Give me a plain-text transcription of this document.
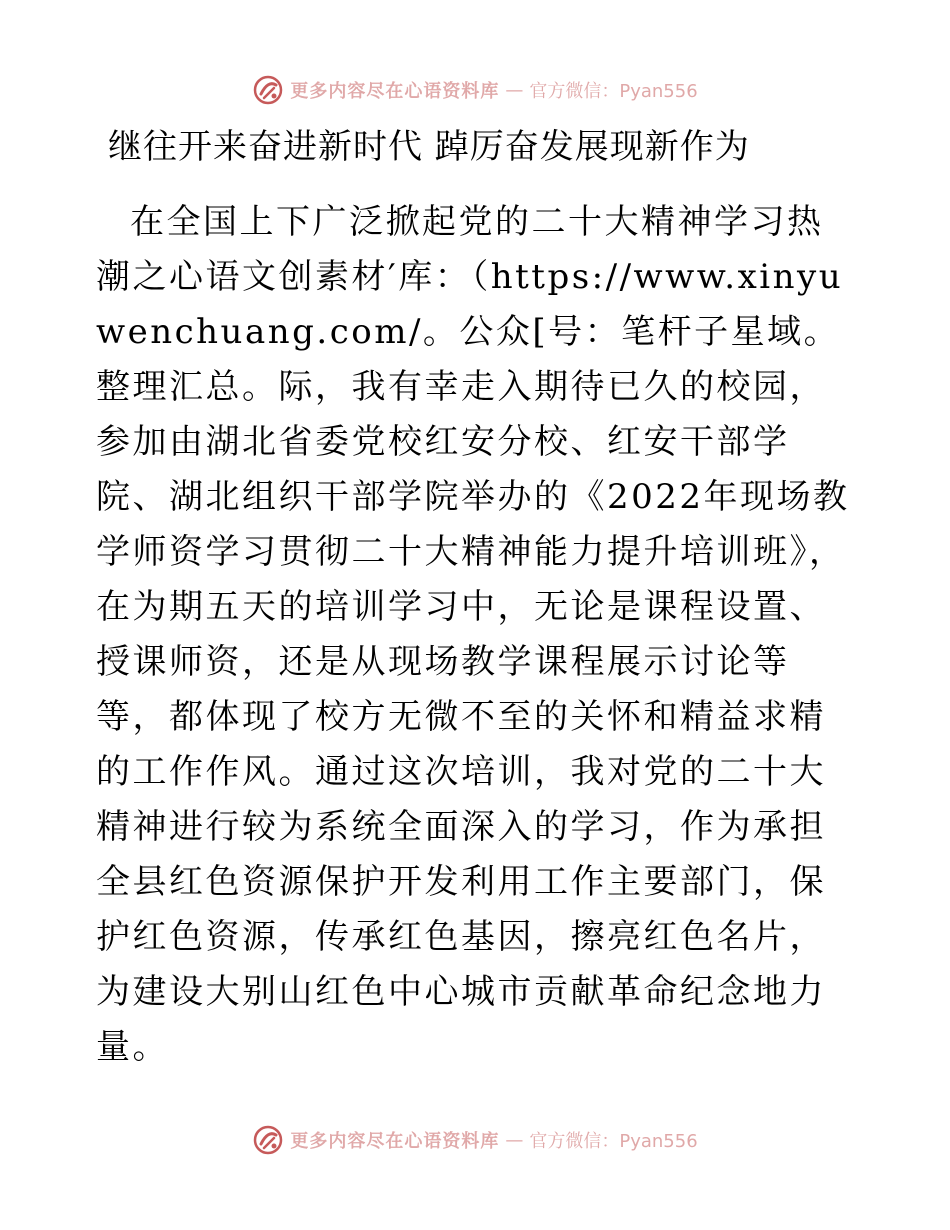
更多内容尽在心语资料库 — 官方微信：Pyan556
继往开来奋进新时代 踔厉奋发展现新作为

在全国上下广泛掀起党的二十大精神学习热潮之心语文创素材′库：（https://www.xinyuwenchuang.com/。公众[号：笔杆子星域。整理汇总。际，我有幸走入期待已久的校园，参加由湖北省委党校红安分校、红安干部学院、湖北组织干部学院举办的《2022年现场教学师资学习贯彻二十大精神能力提升培训班》，在为期五天的培训学习中，无论是课程设置、授课师资，还是从现场教学课程展示讨论等等，都体现了校方无微不至的关怀和精益求精的工作作风。通过这次培训，我对党的二十大精神进行较为系统全面深入的学习，作为承担全县红色资源保护开发利用工作主要部门，保护红色资源，传承红色基因，擦亮红色名片，为建设大别山红色中心城市贡献革命纪念地力量。

更多内容尽在心语资料库 — 官方微信：Pyan556
